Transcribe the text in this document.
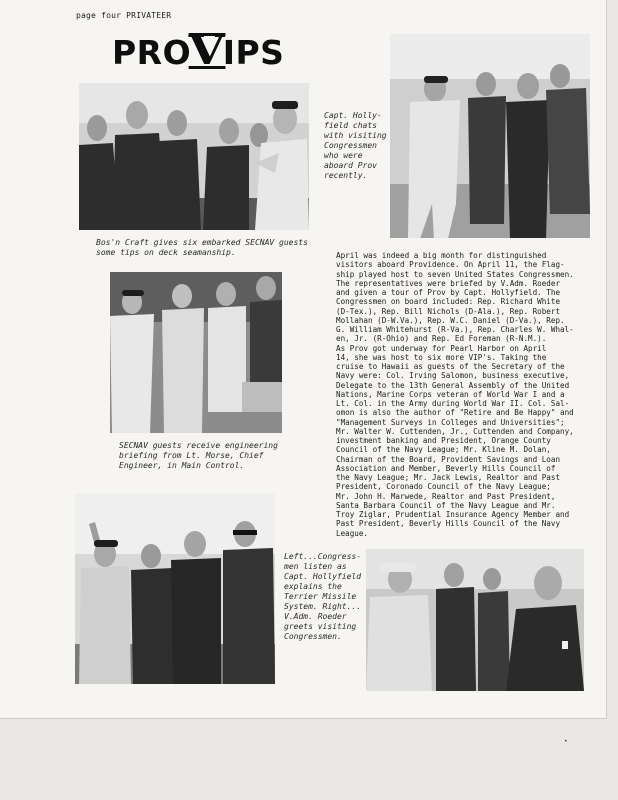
page four PRIVATEER
PROVIPS
Bos'n Craft gives six embarked SECNAV guests
some tips on deck seamanship.
Capt. Holly-
field chats
with visiting
Congressmen
who were
aboard Prov
recently.
SECNAV guests receive engineering
briefing from Lt. Morse, Chief
Engineer, in Main Control.
April was indeed a big month for distinguished
visitors aboard Providence. On April 11, the Flag-
ship played host to seven United States Congressmen.
The representatives were briefed by V.Adm. Roeder
and given a tour of Prov by Capt. Hollyfield. The
Congressmen on board included: Rep. Richard White
(D-Tex.), Rep. Bill Nichols (D-Ala.), Rep. Robert
Mollahan (D-W.Va.), Rep. W.C. Daniel (D-Va.), Rep.
G. William Whitehurst (R-Va.), Rep. Charles W. Whal-
en, Jr. (R-Ohio) and Rep. Ed Foreman (R-N.M.).
As Prov got underway for Pearl Harbor on April
14, she was host to six more VIP's. Taking the
cruise to Hawaii as guests of the Secretary of the
Navy were: Col. Irving Salomon, business executive,
Delegate to the 13th General Assembly of the United
Nations, Marine Corps veteran of World War I and a
Lt. Col. in the Army during World War II. Col. Sal-
omon is also the author of "Retire and Be Happy" and
"Management Surveys in Colleges and Universities";
Mr. Walter W. Cuttenden, Jr., Cuttenden and Company,
investment banking and President, Orange County
Council of the Navy League; Mr. Kline M. Dolan,
Chairman of the Board, Provident Savings and Loan
Association and Member, Beverly Hills Council of
the Navy League; Mr. Jack Lewis, Realtor and Past
President, Coronado Council of the Navy League;
Mr. John H. Marwede, Realtor and Past President,
Santa Barbara Council of the Navy League and Mr.
Troy Ziglar, Prudential Insurance Agency Member and
Past President, Beverly Hills Council of the Navy
League.
Left...Congress-
men listen as
Capt. Hollyfield
explains the
Terrier Missile
System. Right...
V.Adm. Roeder
greets visiting
Congressmen.
•
